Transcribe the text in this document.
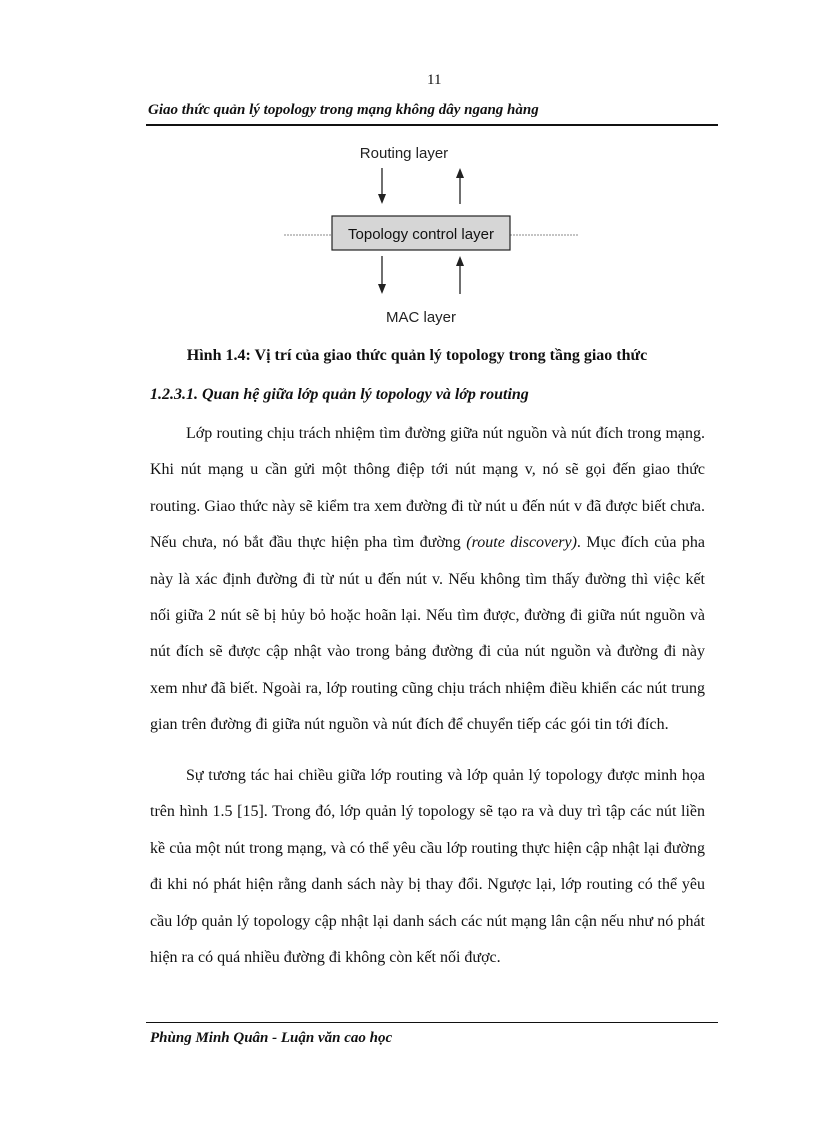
11
Giao thức quản lý topology trong mạng không dây ngang hàng
Routing layer
Topology control layer
MAC layer
Hình 1.4: Vị trí của giao thức quản lý topology trong tầng giao thức
1.2.3.1. Quan hệ giữa lớp quản lý topology và lớp routing

Lớp routing chịu trách nhiệm tìm đường giữa nút nguồn và nút đích trong mạng. Khi nút mạng u cần gửi một thông điệp tới nút mạng v, nó sẽ gọi đến giao thức routing. Giao thức này sẽ kiểm tra xem đường đi từ nút u đến nút v đã được biết chưa. Nếu chưa, nó bắt đầu thực hiện pha tìm đường (route discovery). Mục đích của pha này là xác định đường đi từ nút u đến nút v. Nếu không tìm thấy đường thì việc kết nối giữa 2 nút sẽ bị hủy bỏ hoặc hoãn lại. Nếu tìm được, đường đi giữa nút nguồn và nút đích sẽ được cập nhật vào trong bảng đường đi của nút nguồn và đường đi này xem như đã biết. Ngoài ra, lớp routing cũng chịu trách nhiệm điều khiển các nút trung gian trên đường đi giữa nút nguồn và nút đích để chuyển tiếp các gói tin tới đích.

Sự tương tác hai chiều giữa lớp routing và lớp quản lý topology được minh họa trên hình 1.5 [15]. Trong đó, lớp quản lý topology sẽ tạo ra và duy trì tập các nút liền kề của một nút trong mạng, và có thể yêu cầu lớp routing thực hiện cập nhật lại đường đi khi nó phát hiện rằng danh sách này bị thay đổi. Ngược lại, lớp routing có thể yêu cầu lớp quản lý topology cập nhật lại danh sách các nút mạng lân cận nếu như nó phát hiện ra có quá nhiều đường đi không còn kết nối được.

Phùng Minh Quân - Luận văn cao học
